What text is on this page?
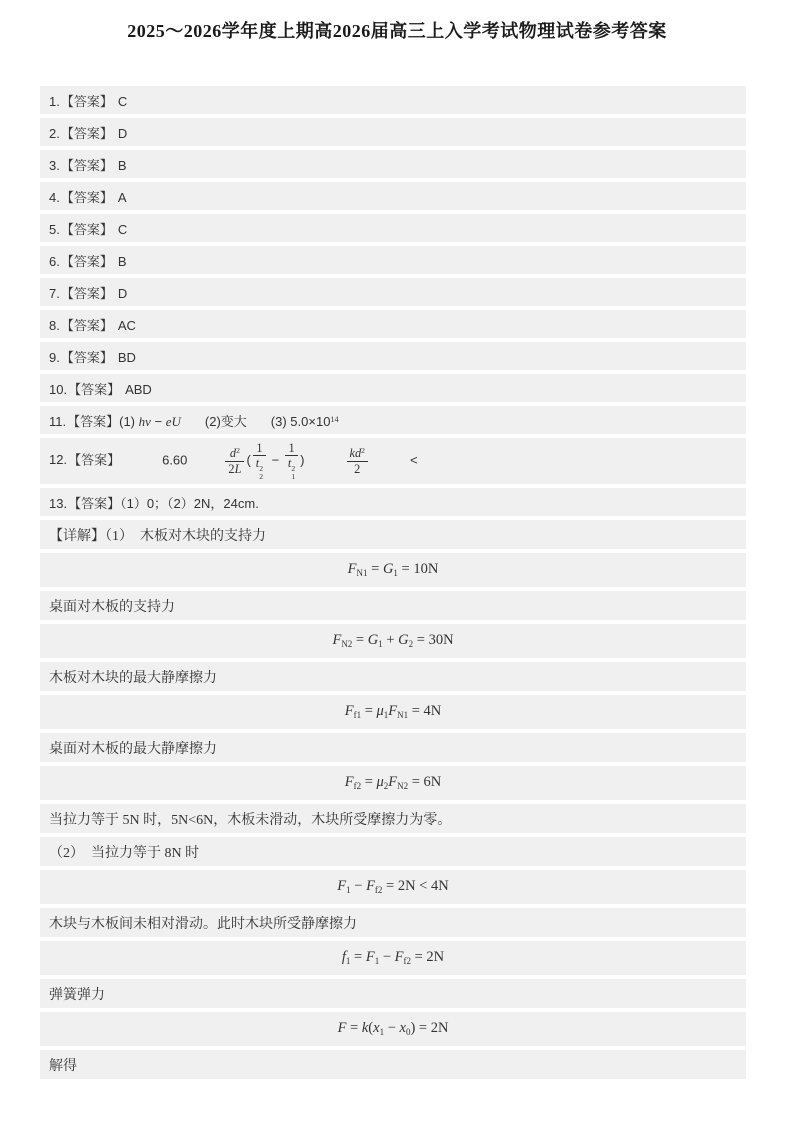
2025～2026学年度上期高2026届高三上入学考试物理试卷参考答案
1.【答案】 C
2.【答案】 D
3.【答案】 B
4.【答案】 A
5.【答案】 C
6.【答案】 B
7.【答案】 D
8.【答案】 AC
9.【答案】 BD
10.【答案】 ABD
11.【答案】(1) hv − eU (2)变大 (3) $5.0\times 10^{14}$
12.【答案】	6.60	$\frac{d^2}{2L}$ ( 1
t 2
2 − 1
t 2
1 )	$\frac{kd^2}{2}$	<
13.【答案】（1）0；（2）2N，24cm.
【详解】（1）  木板对木块的支持力
$F_{N1} = G_1 = 10N$
桌面对木板的支持力
$F_{N2} = G_1 + G_2 = 30N$
木板对木块的最大静摩擦力
$F_{f1} = \mu_1F_{N1} = 4N$
桌面对木板的最大静摩擦力
$F_{f2} = \mu_2F_{N2} = 6N$
当拉力等于 5N 时，5N<6N，木板未滑动，木块所受摩擦力为零。
（2）  当拉力等于 8N 时
$F_1 - F_{f2} = 2N < 4N$
木块与木板间未相对滑动。此时木块所受静摩擦力
$f_1 = F_1 - F_{f2} = 2N$
弹簧弹力
$F = k(x_1 - x_0) = 2N$
解得
